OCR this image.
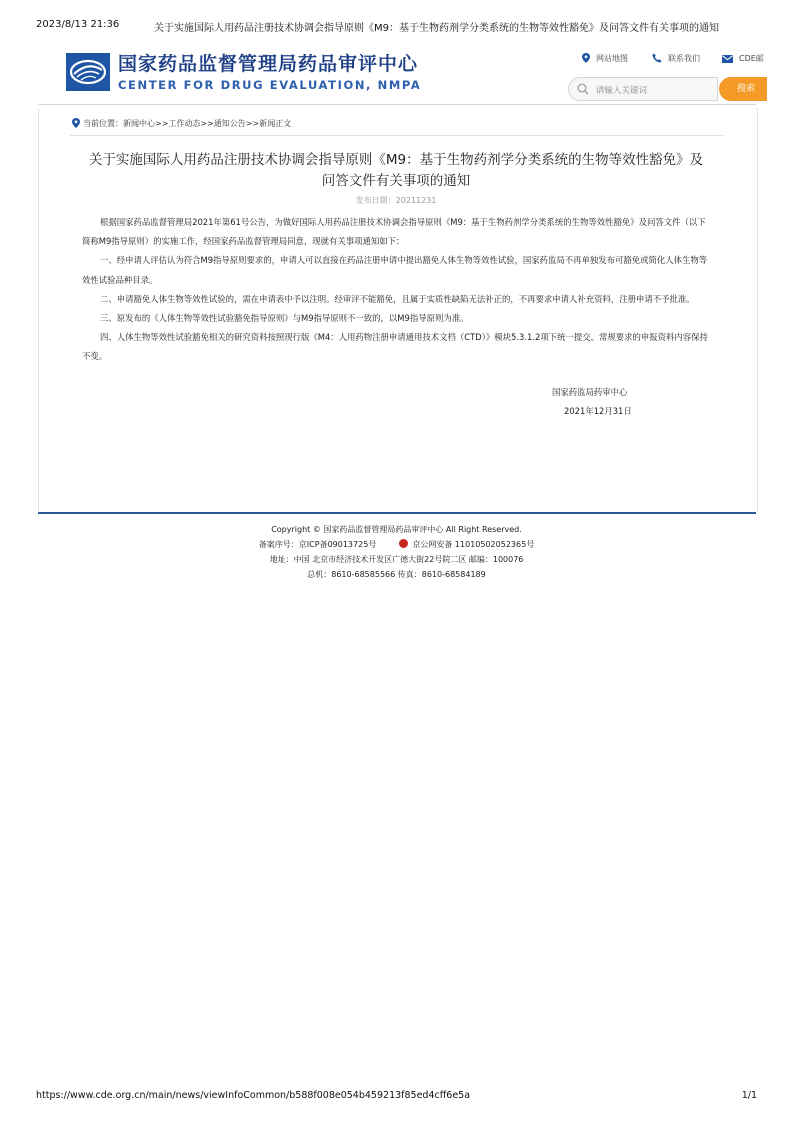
2023/8/13 21:36	关于实施国际人用药品注册技术协调会指导原则《M9：基于生物药剂学分类系统的生物等效性豁免》及问答文件有关事项的通知
国家药品监督管理局药品审评中心
CENTER FOR DRUG EVALUATION, NMPA
网站地图	联系我们	CDE邮
请输入关键词	搜索
当前位置：新闻中心>>工作动态>>通知公告>>新闻正文
关于实施国际人用药品注册技术协调会指导原则《M9：基于生物药剂学分类系统的生物等效性豁免》及问答文件有关事项的通知
发布日期：20211231

根据国家药品监督管理局2021年第61号公告，为做好国际人用药品注册技术协调会指导原则《M9：基于生物药剂学分类系统的生物等效性豁免》及问答文件（以下简称M9指导原则）的实施工作，经国家药品监督管理局同意，现就有关事项通知如下：

一、经申请人评估认为符合M9指导原则要求的，申请人可以直接在药品注册申请中提出豁免人体生物等效性试验，国家药监局不再单独发布可豁免或简化人体生物等效性试验品种目录。

二、申请豁免人体生物等效性试验的，需在申请表中予以注明。经审评不能豁免，且属于实质性缺陷无法补正的，不再要求申请人补充资料，注册申请不予批准。

三、原发布的《人体生物等效性试验豁免指导原则》与M9指导原则不一致的，以M9指导原则为准。

四、人体生物等效性试验豁免相关的研究资料按照现行版《M4：人用药物注册申请通用技术文档（CTD）》模块5.3.1.2项下统一提交。常规要求的申报资料内容保持不变。

国家药监局药审中心
2021年12月31日
Copyright © 国家药品监督管理局药品审评中心 All Right Reserved.
备案序号：京ICP备09013725号	京公网安备 11010502052365号
地址：中国 北京市经济技术开发区广德大街22号院二区 邮编：100076
总机：8610-68585566 传真：8610-68584189
https://www.cde.org.cn/main/news/viewInfoCommon/b588f008e054b459213f85ed4cff6e5a	1/1
